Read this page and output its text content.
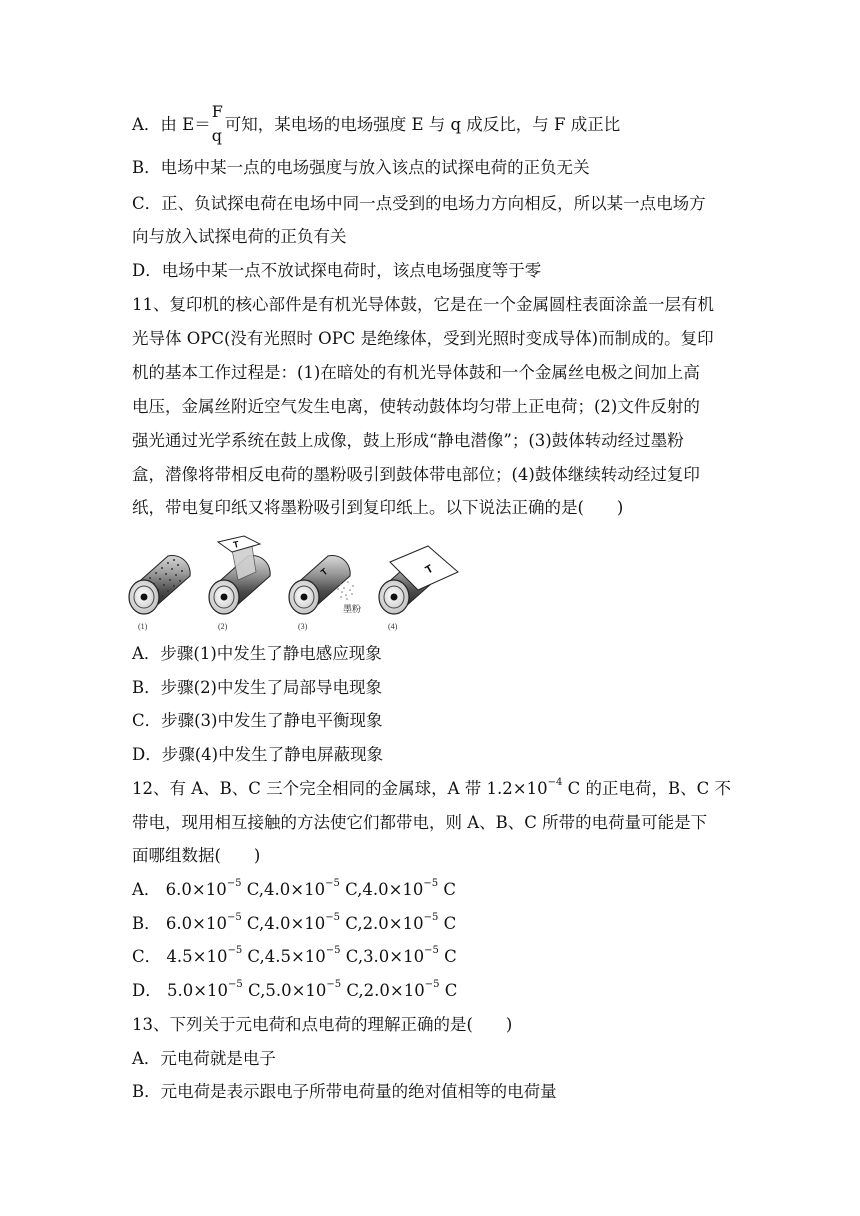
A．由 E＝
F
q
可知，某电场的电场强度 E 与 q 成反比，与 F 成正比
B．电场中某一点的电场强度与放入该点的试探电荷的正负无关
C．正、负试探电荷在电场中同一点受到的电场力方向相反，所以某一点电场方
向与放入试探电荷的正负有关
D．电场中某一点不放试探电荷时，该点电场强度等于零
11、复印机的核心部件是有机光导体鼓，它是在一个金属圆柱表面涂盖一层有机
光导体 OPC(没有光照时 OPC 是绝缘体，受到光照时变成导体)而制成的。复印
机的基本工作过程是：(1)在暗处的有机光导体鼓和一个金属丝电极之间加上高
电压，金属丝附近空气发生电离，使转动鼓体均匀带上正电荷；(2)文件反射的
强光通过光学系统在鼓上成像，鼓上形成“静电潜像”；(3)鼓体转动经过墨粉
盒，潜像将带相反电荷的墨粉吸引到鼓体带电部位；(4)鼓体继续转动经过复印
纸，带电复印纸又将墨粉吸引到复印纸上。以下说法正确的是(　　)
(1)
T
(2)
T
墨粉
(3)
T
(4)
A．步骤(1)中发生了静电感应现象
B．步骤(2)中发生了局部导电现象
C．步骤(3)中发生了静电平衡现象
D．步骤(4)中发生了静电屏蔽现象
12、有 A、B、C 三个完全相同的金属球，A 带 $1.2\times 10^{-4}$ C 的正电荷，B、C 不
带电，现用相互接触的方法使它们都带电，则 A、B、C 所带的电荷量可能是下
面哪组数据(　　)
A． $6.0\times 10^{-5}$ $C,4.0\times 10^{-5}$ $C,4.0\times 10^{-5}$ C
B． $6.0\times 10^{-5}$ $C,4.0\times 10^{-5}$ $C,2.0\times 10^{-5}$ C
C． $4.5\times 10^{-5}$ $C,4.5\times 10^{-5}$ $C,3.0\times 10^{-5}$ C
D． $5.0\times 10^{-5}$ $C,5.0\times 10^{-5}$ $C,2.0\times 10^{-5}$ C
13、下列关于元电荷和点电荷的理解正确的是(　　)
A．元电荷就是电子
B．元电荷是表示跟电子所带电荷量的绝对值相等的电荷量
